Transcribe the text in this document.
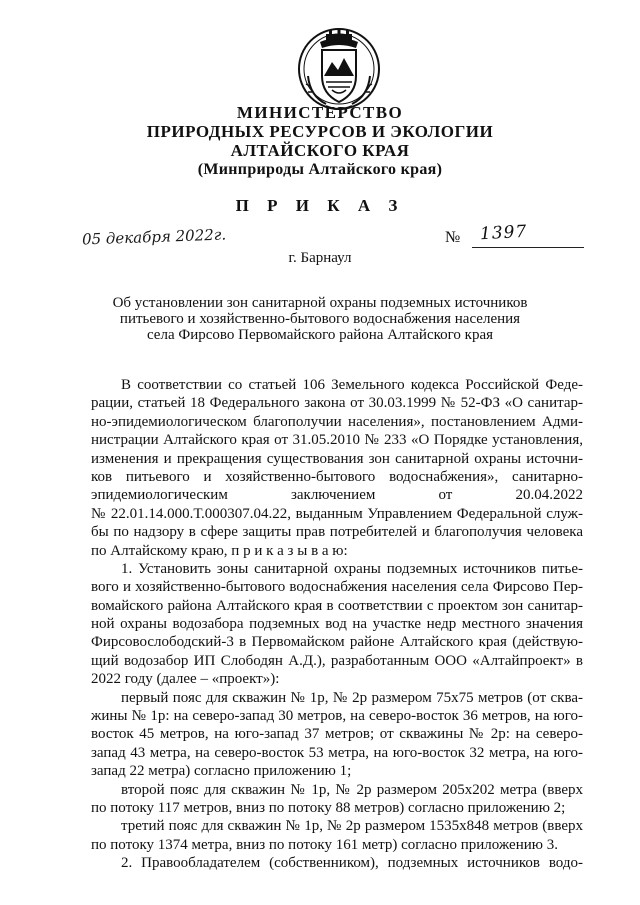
МИНИСТЕРСТВО
ПРИРОДНЫХ РЕСУРСОВ И ЭКОЛОГИИ
АЛТАЙСКОГО КРАЯ
(Минприроды Алтайского края)
П Р И К А З
05 декабря 2022г.	№ 1397
г. Барнаул
Об установлении зон санитарной охраны подземных источников
питьевого и хозяйственно-бытового водоснабжения населения
села Фирсово Первомайского района Алтайского края
В соответствии со статьей 106 Земельного кодекса Российской Феде-
рации, статьей 18 Федерального закона от 30.03.1999 № 52-ФЗ «О санитар-
но-эпидемиологическом благополучии населения», постановлением Адми-
нистрации Алтайского края от 31.05.2010 № 233 «О Порядке установления,
изменения и прекращения существования зон санитарной охраны источни-
ков питьевого и хозяйственно-бытового водоснабжения», санитарно-
эпидемиологическим заключением от 20.04.2022
№ 22.01.14.000.Т.000307.04.22, выданным Управлением Федеральной служ-
бы по надзору в сфере защиты прав потребителей и благополучия человека
по Алтайскому краю, п р и к а з ы в а ю:
1. Установить зоны санитарной охраны подземных источников питье-
вого и хозяйственно-бытового водоснабжения населения села Фирсово Пер-
вомайского района Алтайского края в соответствии с проектом зон санитар-
ной охраны водозабора подземных вод на участке недр местного значения
Фирсовослободский-3 в Первомайском районе Алтайского края (действую-
щий водозабор ИП Слободян А.Д.), разработанным ООО «Алтайпроект» в
2022 году (далее – «проект»):
первый пояс для скважин № 1р, № 2р размером 75х75 метров (от сква-
жины № 1р: на северо-запад 30 метров, на северо-восток 36 метров, на юго-
восток 45 метров, на юго-запад 37 метров; от скважины № 2р: на северо-
запад 43 метра, на северо-восток 53 метра, на юго-восток 32 метра, на юго-
запад 22 метра) согласно приложению 1;
второй пояс для скважин № 1р, № 2р размером 205х202 метра (вверх
по потоку 117 метров, вниз по потоку 88 метров) согласно приложению 2;
третий пояс для скважин № 1р, № 2р размером 1535х848 метров (вверх
по потоку 1374 метра, вниз по потоку 161 метр) согласно приложению 3.
2. Правообладателем (собственником), подземных источников водо-
